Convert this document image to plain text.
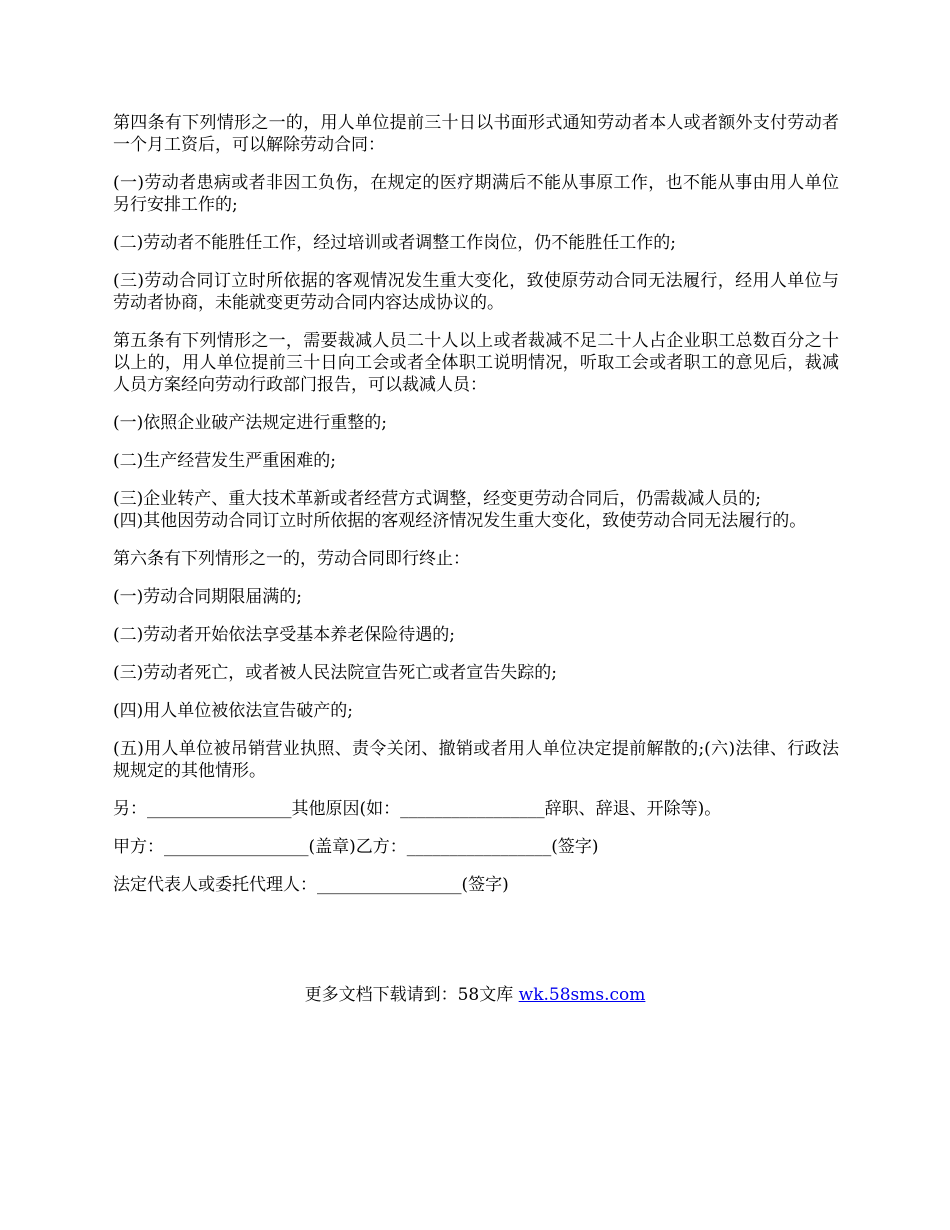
第四条有下列情形之一的，用人单位提前三十日以书面形式通知劳动者本人或者额外支付劳动者一个月工资后，可以解除劳动合同：

(一)劳动者患病或者非因工负伤，在规定的医疗期满后不能从事原工作，也不能从事由用人单位另行安排工作的;

(二)劳动者不能胜任工作，经过培训或者调整工作岗位，仍不能胜任工作的;

(三)劳动合同订立时所依据的客观情况发生重大变化，致使原劳动合同无法履行，经用人单位与劳动者协商，未能就变更劳动合同内容达成协议的。

第五条有下列情形之一，需要裁减人员二十人以上或者裁减不足二十人占企业职工总数百分之十以上的，用人单位提前三十日向工会或者全体职工说明情况，听取工会或者职工的意见后，裁减人员方案经向劳动行政部门报告，可以裁减人员：

(一)依照企业破产法规定进行重整的;

(二)生产经营发生严重困难的;

(三)企业转产、重大技术革新或者经营方式调整，经变更劳动合同后，仍需裁减人员的;

(四)其他因劳动合同订立时所依据的客观经济情况发生重大变化，致使劳动合同无法履行的。

第六条有下列情形之一的，劳动合同即行终止：

(一)劳动合同期限届满的;

(二)劳动者开始依法享受基本养老保险待遇的;

(三)劳动者死亡，或者被人民法院宣告死亡或者宣告失踪的;

(四)用人单位被依法宣告破产的;

(五)用人单位被吊销营业执照、责令关闭、撤销或者用人单位决定提前解散的;(六)法律、行政法规规定的其他情形。

另：_________________其他原因(如：_________________辞职、辞退、开除等)。

甲方：_________________(盖章)乙方：_________________(签字)

法定代表人或委托代理人：_________________(签字)

更多文档下载请到：58文库 wk.58sms.com
